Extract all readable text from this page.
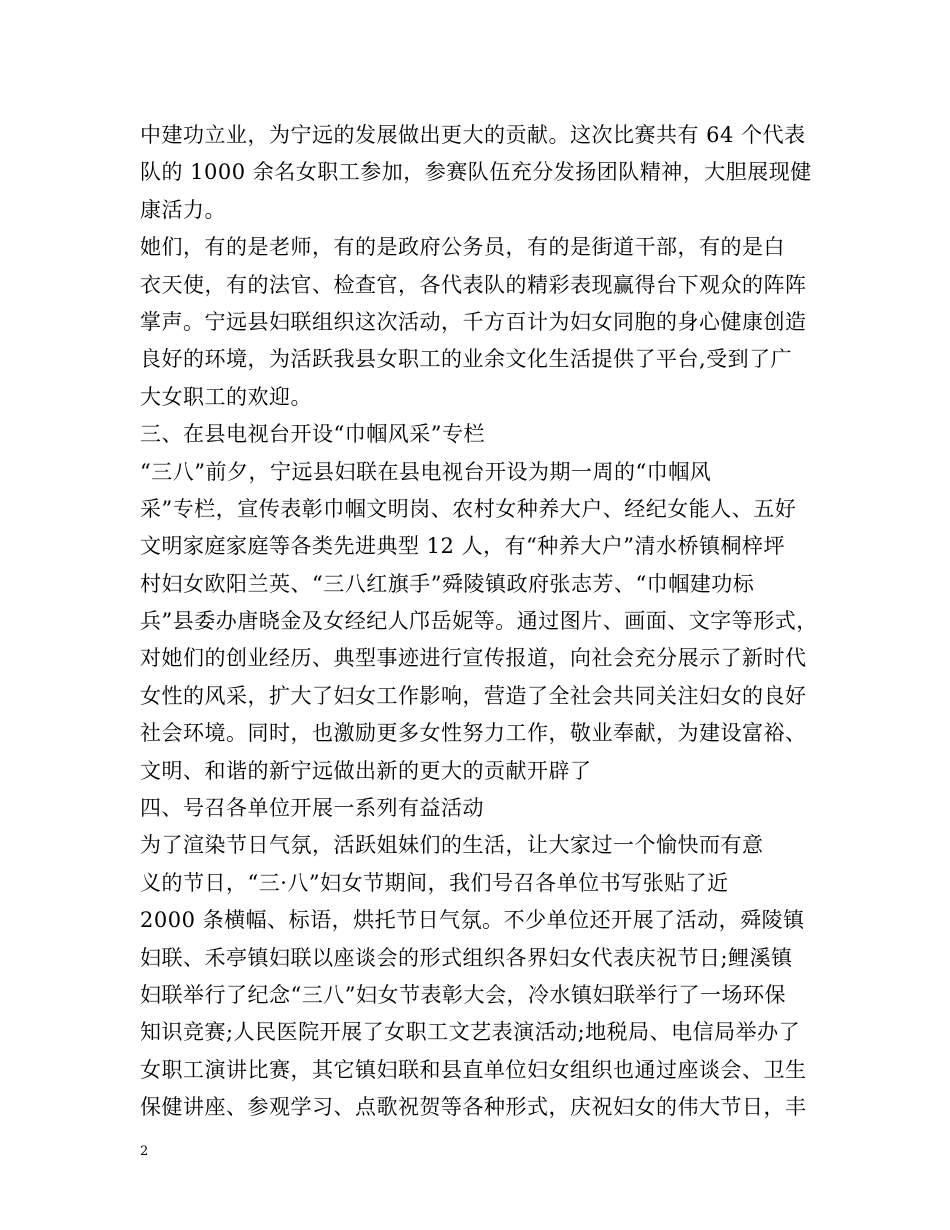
中建功立业，为宁远的发展做出更大的贡献。这次比赛共有 64 个代表
队的 1000 余名女职工参加，参赛队伍充分发扬团队精神，大胆展现健
康活力。
她们，有的是老师，有的是政府公务员，有的是街道干部，有的是白
衣天使，有的法官、检查官，各代表队的精彩表现赢得台下观众的阵阵
掌声。宁远县妇联组织这次活动，千方百计为妇女同胞的身心健康创造
良好的环境，为活跃我县女职工的业余文化生活提供了平台,受到了广
大女职工的欢迎。
三、在县电视台开设“巾帼风采”专栏
“三八”前夕，宁远县妇联在县电视台开设为期一周的“巾帼风
采”专栏，宣传表彰巾帼文明岗、农村女种养大户、经纪女能人、五好
文明家庭家庭等各类先进典型 12 人，有“种养大户”清水桥镇桐梓坪
村妇女欧阳兰英、“三八红旗手”舜陵镇政府张志芳、“巾帼建功标
兵”县委办唐晓金及女经纪人邝岳妮等。通过图片、画面、文字等形式，
对她们的创业经历、典型事迹进行宣传报道，向社会充分展示了新时代
女性的风采，扩大了妇女工作影响，营造了全社会共同关注妇女的良好
社会环境。同时，也激励更多女性努力工作，敬业奉献，为建设富裕、
文明、和谐的新宁远做出新的更大的贡献开辟了
四、号召各单位开展一系列有益活动
为了渲染节日气氛，活跃姐妹们的生活，让大家过一个愉快而有意
义的节日，“三·八”妇女节期间，我们号召各单位书写张贴了近
2000 条横幅、标语，烘托节日气氛。不少单位还开展了活动，舜陵镇
妇联、禾亭镇妇联以座谈会的形式组织各界妇女代表庆祝节日;鲤溪镇
妇联举行了纪念“三八”妇女节表彰大会，冷水镇妇联举行了一场环保
知识竞赛;人民医院开展了女职工文艺表演活动;地税局、电信局举办了
女职工演讲比赛，其它镇妇联和县直单位妇女组织也通过座谈会、卫生
保健讲座、参观学习、点歌祝贺等各种形式，庆祝妇女的伟大节日，丰
2
